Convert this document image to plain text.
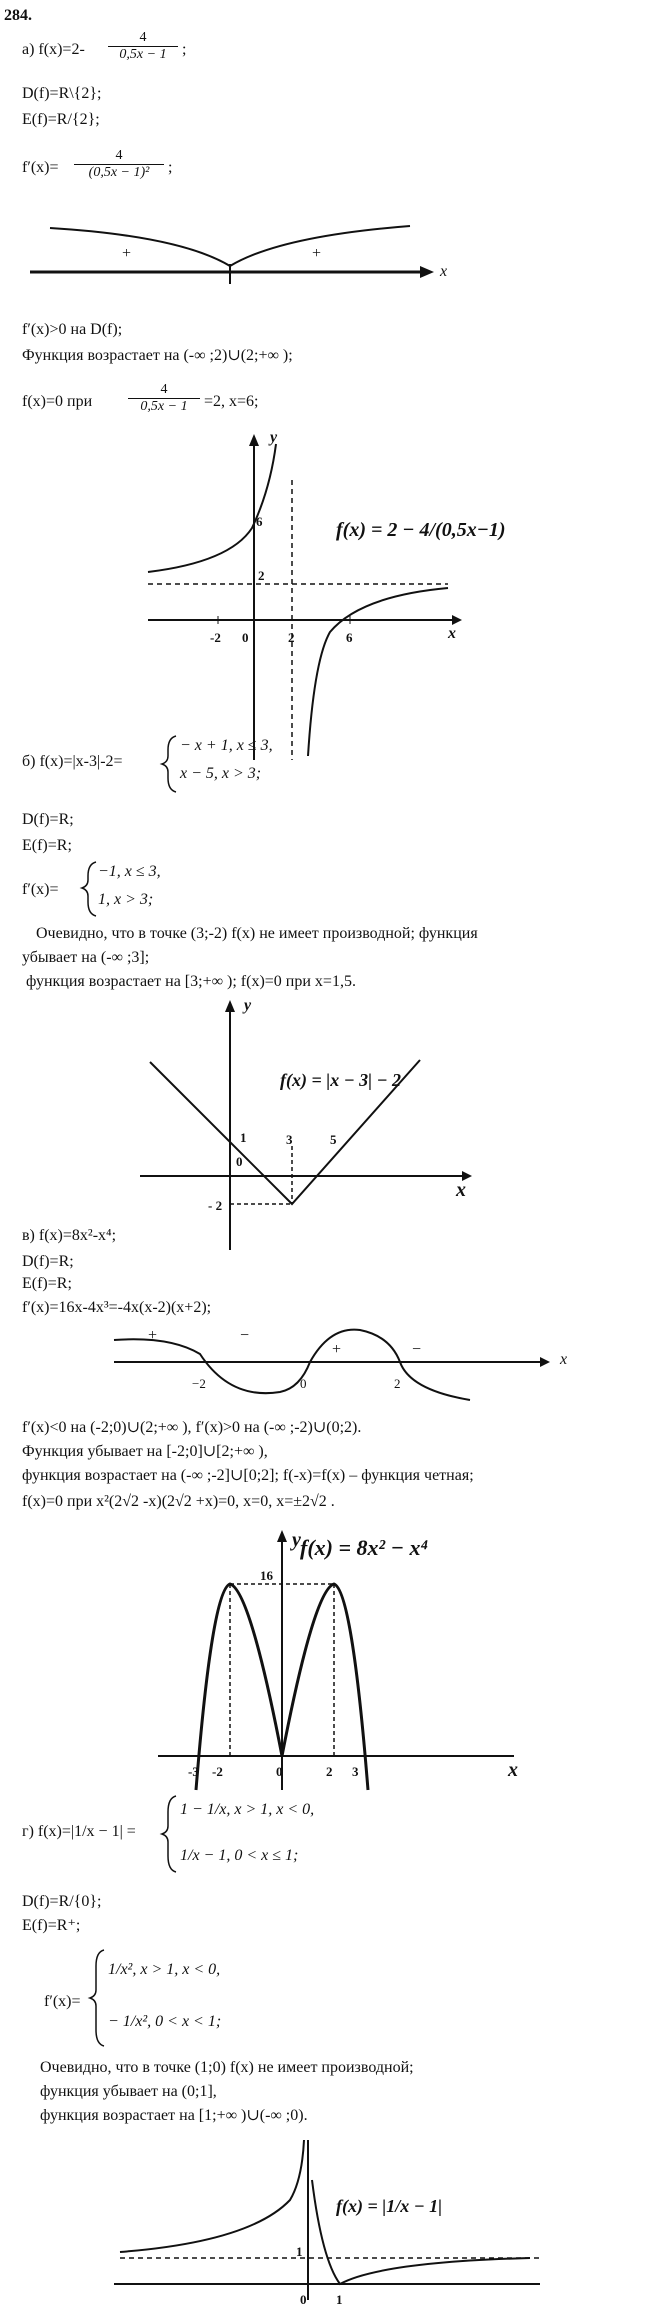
284.
а) $f(x)=2- \frac{4}{0,5x - 1}$ ;
D(f)=R\{2};
E(f)=R/{2};
$f'(x)= \frac{4}{\text{(0,5x − 1)²}}$ ;
+	+
x
f′(x)>0 на D(f);
Функция возрастает на (-∞ ;2)∪(2;+∞ );
f(x)=0 при	$\frac{4}{0,5x - 1} =2$, x=6;
y
x
6
2
-2 0	2	6
f(x) = 2 − 4/(0,5x−1)
б) f(x)=|x-3|-2=
− x + 1, x ≤ 3,
x − 5, x > 3;
D(f)=R;
E(f)=R;
f′(x)=
−1, x ≤ 3,
1, x > 3;
Очевидно, что в точке (3;-2) f(x) не имеет производной; функция
убывает на (-∞ ;3];
функция возрастает на [3;+∞ ); f(x)=0 при x=1,5.
y
x
1
0
- 2
3	5
f(x) = |x − 3| − 2
в) f(x)=8x²-x⁴;
D(f)=R;
E(f)=R;
f′(x)=16x-4x³=-4x(x-2)(x+2);
+	−
+	−
−2	0	2
x
f′(x)<0 на (-2;0)∪(2;+∞ ), f′(x)>0 на (-∞ ;-2)∪(0;2).
Функция убывает на [-2;0]∪[2;+∞ ),
функция возрастает на (-∞ ;-2]∪[0;2]; f(-x)=f(x) – функция четная;
f(x)=0 при x²(2√2 -x)(2√2 +x)=0, x=0, x=±2√2 .
y
x
16
-3 -2	0	2 3
f(x) = 8x² − x⁴
г) f(x)=|1/x − 1| =
1 − 1/x, x > 1, x < 0,
1/x − 1, 0 < x ≤ 1;
D(f)=R/{0};
E(f)=R⁺;
f′(x)=
1/x², x > 1, x < 0,
− 1/x², 0 < x < 1;
Очевидно, что в точке (1;0) f(x) не имеет производной;
функция убывает на (0;1],
функция возрастает на [1;+∞ )∪(-∞ ;0).
1
0 1
f(x) = |1/x − 1|
